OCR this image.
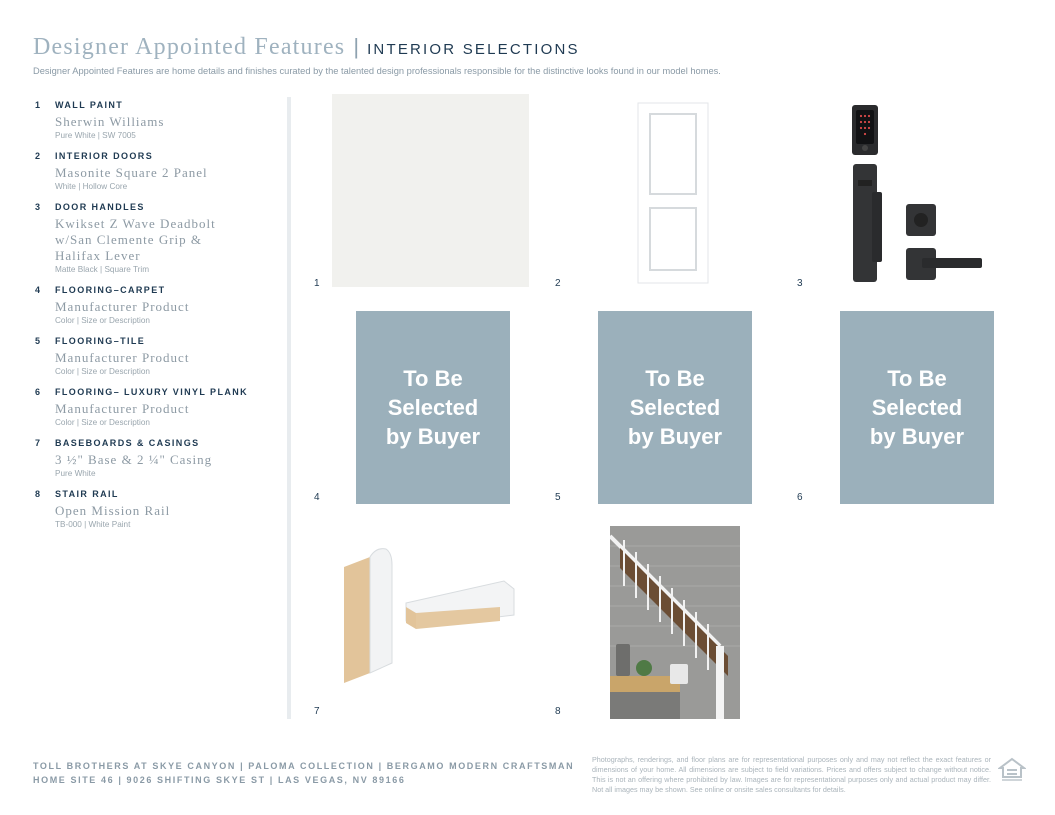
Designer Appointed Features | INTERIOR SELECTIONS
Designer Appointed Features are home details and finishes curated by the talented design professionals responsible for the distinctive looks found in our model homes.
1	WALL PAINT
Sherwin Williams
Pure White | SW 7005
2	INTERIOR DOORS
Masonite Square 2 Panel
White | Hollow Core
3	DOOR HANDLES
Kwikset Z Wave Deadbolt w/San Clemente Grip & Halifax Lever
Matte Black | Square Trim
4	FLOORING–CARPET
Manufacturer Product
Color | Size or Description
5	FLOORING–TILE
Manufacturer Product
Color | Size or Description
6	FLOORING– LUXURY VINYL PLANK
Manufacturer Product
Color | Size or Description
7	BASEBOARDS & CASINGS
3 ½" Base & 2 ¼" Casing
Pure White
8	STAIR RAIL
Open Mission Rail
TB-000 | White Paint
1	2	3
To Be
Selected
by Buyer
4
To Be
Selected
by Buyer
5
To Be
Selected
by Buyer
6
7	8
TOLL BROTHERS AT SKYE CANYON | PALOMA COLLECTION | BERGAMO MODERN CRAFTSMAN
HOME SITE 46 | 9026 SHIFTING SKYE ST | LAS VEGAS, NV 89166
Photographs, renderings, and floor plans are for representational purposes only and may not reflect the exact features or dimensions of your home. All dimensions are subject to field variations. Prices and offers subject to change without notice. This is not an offering where prohibited by law. Images are for representational purposes only and actual product may differ. Not all images may be shown. See online or onsite sales consultants for details.
